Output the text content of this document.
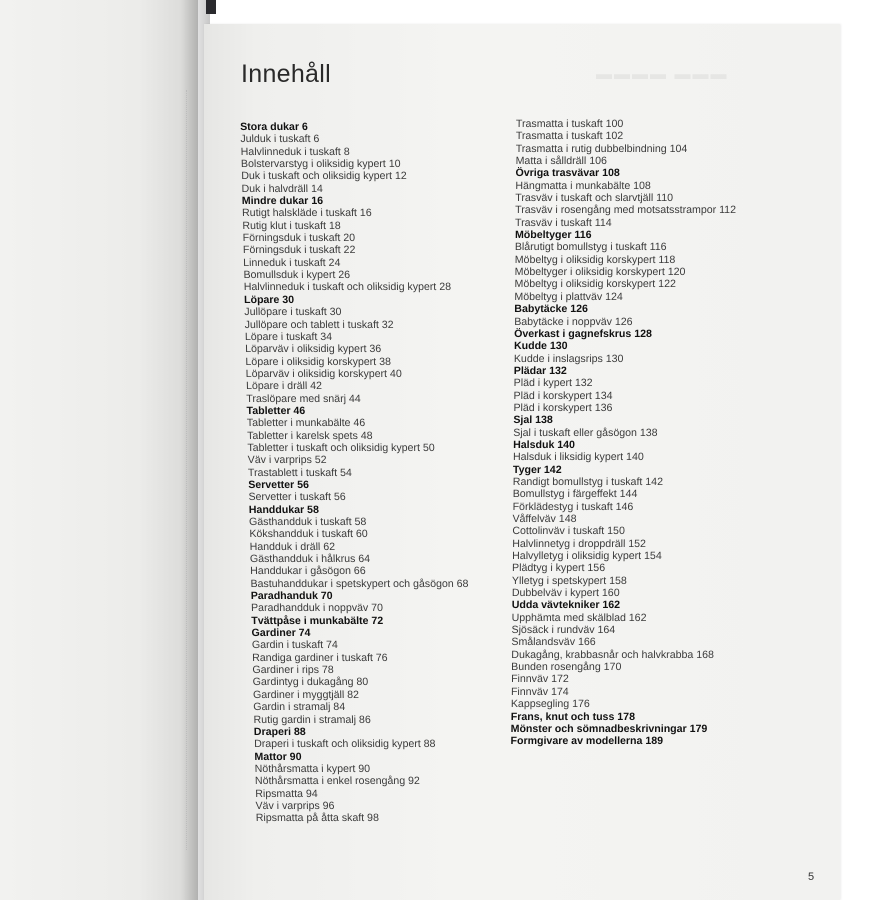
▬▬▬▬ ▬▬▬
Innehåll
Stora dukar 6
Julduk i tuskaft 6
Halvlinneduk i tuskaft 8
Bolstervarstyg i oliksidig kypert 10
Duk i tuskaft och oliksidig kypert 12
Duk i halvdräll 14
Mindre dukar 16
Rutigt halskläde i tuskaft 16
Rutig klut i tuskaft 18
Förningsduk i tuskaft 20
Förningsduk i tuskaft 22
Linneduk i tuskaft 24
Bomullsduk i kypert 26
Halvlinneduk i tuskaft och oliksidig kypert 28
Löpare 30
Jullöpare i tuskaft 30
Jullöpare och tablett i tuskaft 32
Löpare i tuskaft 34
Löparväv i oliksidig kypert 36
Löpare i oliksidig korskypert 38
Löparväv i oliksidig korskypert 40
Löpare i dräll 42
Traslöpare med snärj 44
Tabletter 46
Tabletter i munkabälte 46
Tabletter i karelsk spets 48
Tabletter i tuskaft och oliksidig kypert 50
Väv i varprips 52
Trastablett i tuskaft 54
Servetter 56
Servetter i tuskaft 56
Handdukar 58
Gästhandduk i tuskaft 58
Kökshandduk i tuskaft 60
Handduk i dräll 62
Gästhandduk i hålkrus 64
Handdukar i gåsögon 66
Bastuhanddukar i spetskypert och gåsögon 68
Paradhanduk 70
Paradhandduk i noppväv 70
Tvättpåse i munkabälte 72
Gardiner 74
Gardin i tuskaft 74
Randiga gardiner i tuskaft 76
Gardiner i rips 78
Gardintyg i dukagång 80
Gardiner i myggtjäll 82
Gardin i stramalj 84
Rutig gardin i stramalj 86
Draperi 88
Draperi i tuskaft och oliksidig kypert 88
Mattor 90
Nöthårsmatta i kypert 90
Nöthårsmatta i enkel rosengång 92
Ripsmatta 94
Väv i varprips 96
Ripsmatta på åtta skaft 98
Trasmatta i tuskaft 100
Trasmatta i tuskaft 102
Trasmatta i rutig dubbelbindning 104
Matta i sålldräll 106
Övriga trasvävar 108
Hängmatta i munkabälte 108
Trasväv i tuskaft och slarvtjäll 110
Trasväv i rosengång med motsatsstrampor 112
Trasväv i tuskaft 114
Möbeltyger 116
Blårutigt bomullstyg i tuskaft 116
Möbeltyg i oliksidig korskypert 118
Möbeltyger i oliksidig korskypert 120
Möbeltyg i oliksidig korskypert 122
Möbeltyg i plattväv 124
Babytäcke 126
Babytäcke i noppväv 126
Överkast i gagnefskrus 128
Kudde 130
Kudde i inslagsrips 130
Plädar 132
Pläd i kypert 132
Pläd i korskypert 134
Pläd i korskypert 136
Sjal 138
Sjal i tuskaft eller gåsögon 138
Halsduk 140
Halsduk i liksidig kypert 140
Tyger 142
Randigt bomullstyg i tuskaft 142
Bomullstyg i färgeffekt 144
Förklädestyg i tuskaft 146
Våffelväv 148
Cottolinväv i tuskaft 150
Halvlinnetyg i droppdräll 152
Halvylletyg i oliksidig kypert 154
Plädtyg i kypert 156
Ylletyg i spetskypert 158
Dubbelväv i kypert 160
Udda vävtekniker 162
Upphämta med skälblad 162
Sjösäck i rundväv 164
Smålandsväv 166
Dukagång, krabbasnår och halvkrabba 168
Bunden rosengång 170
Finnväv 172
Finnväv 174
Kappsegling 176
Frans, knut och tuss 178
Mönster och sömnadbeskrivningar 179
Formgivare av modellerna 189
5
